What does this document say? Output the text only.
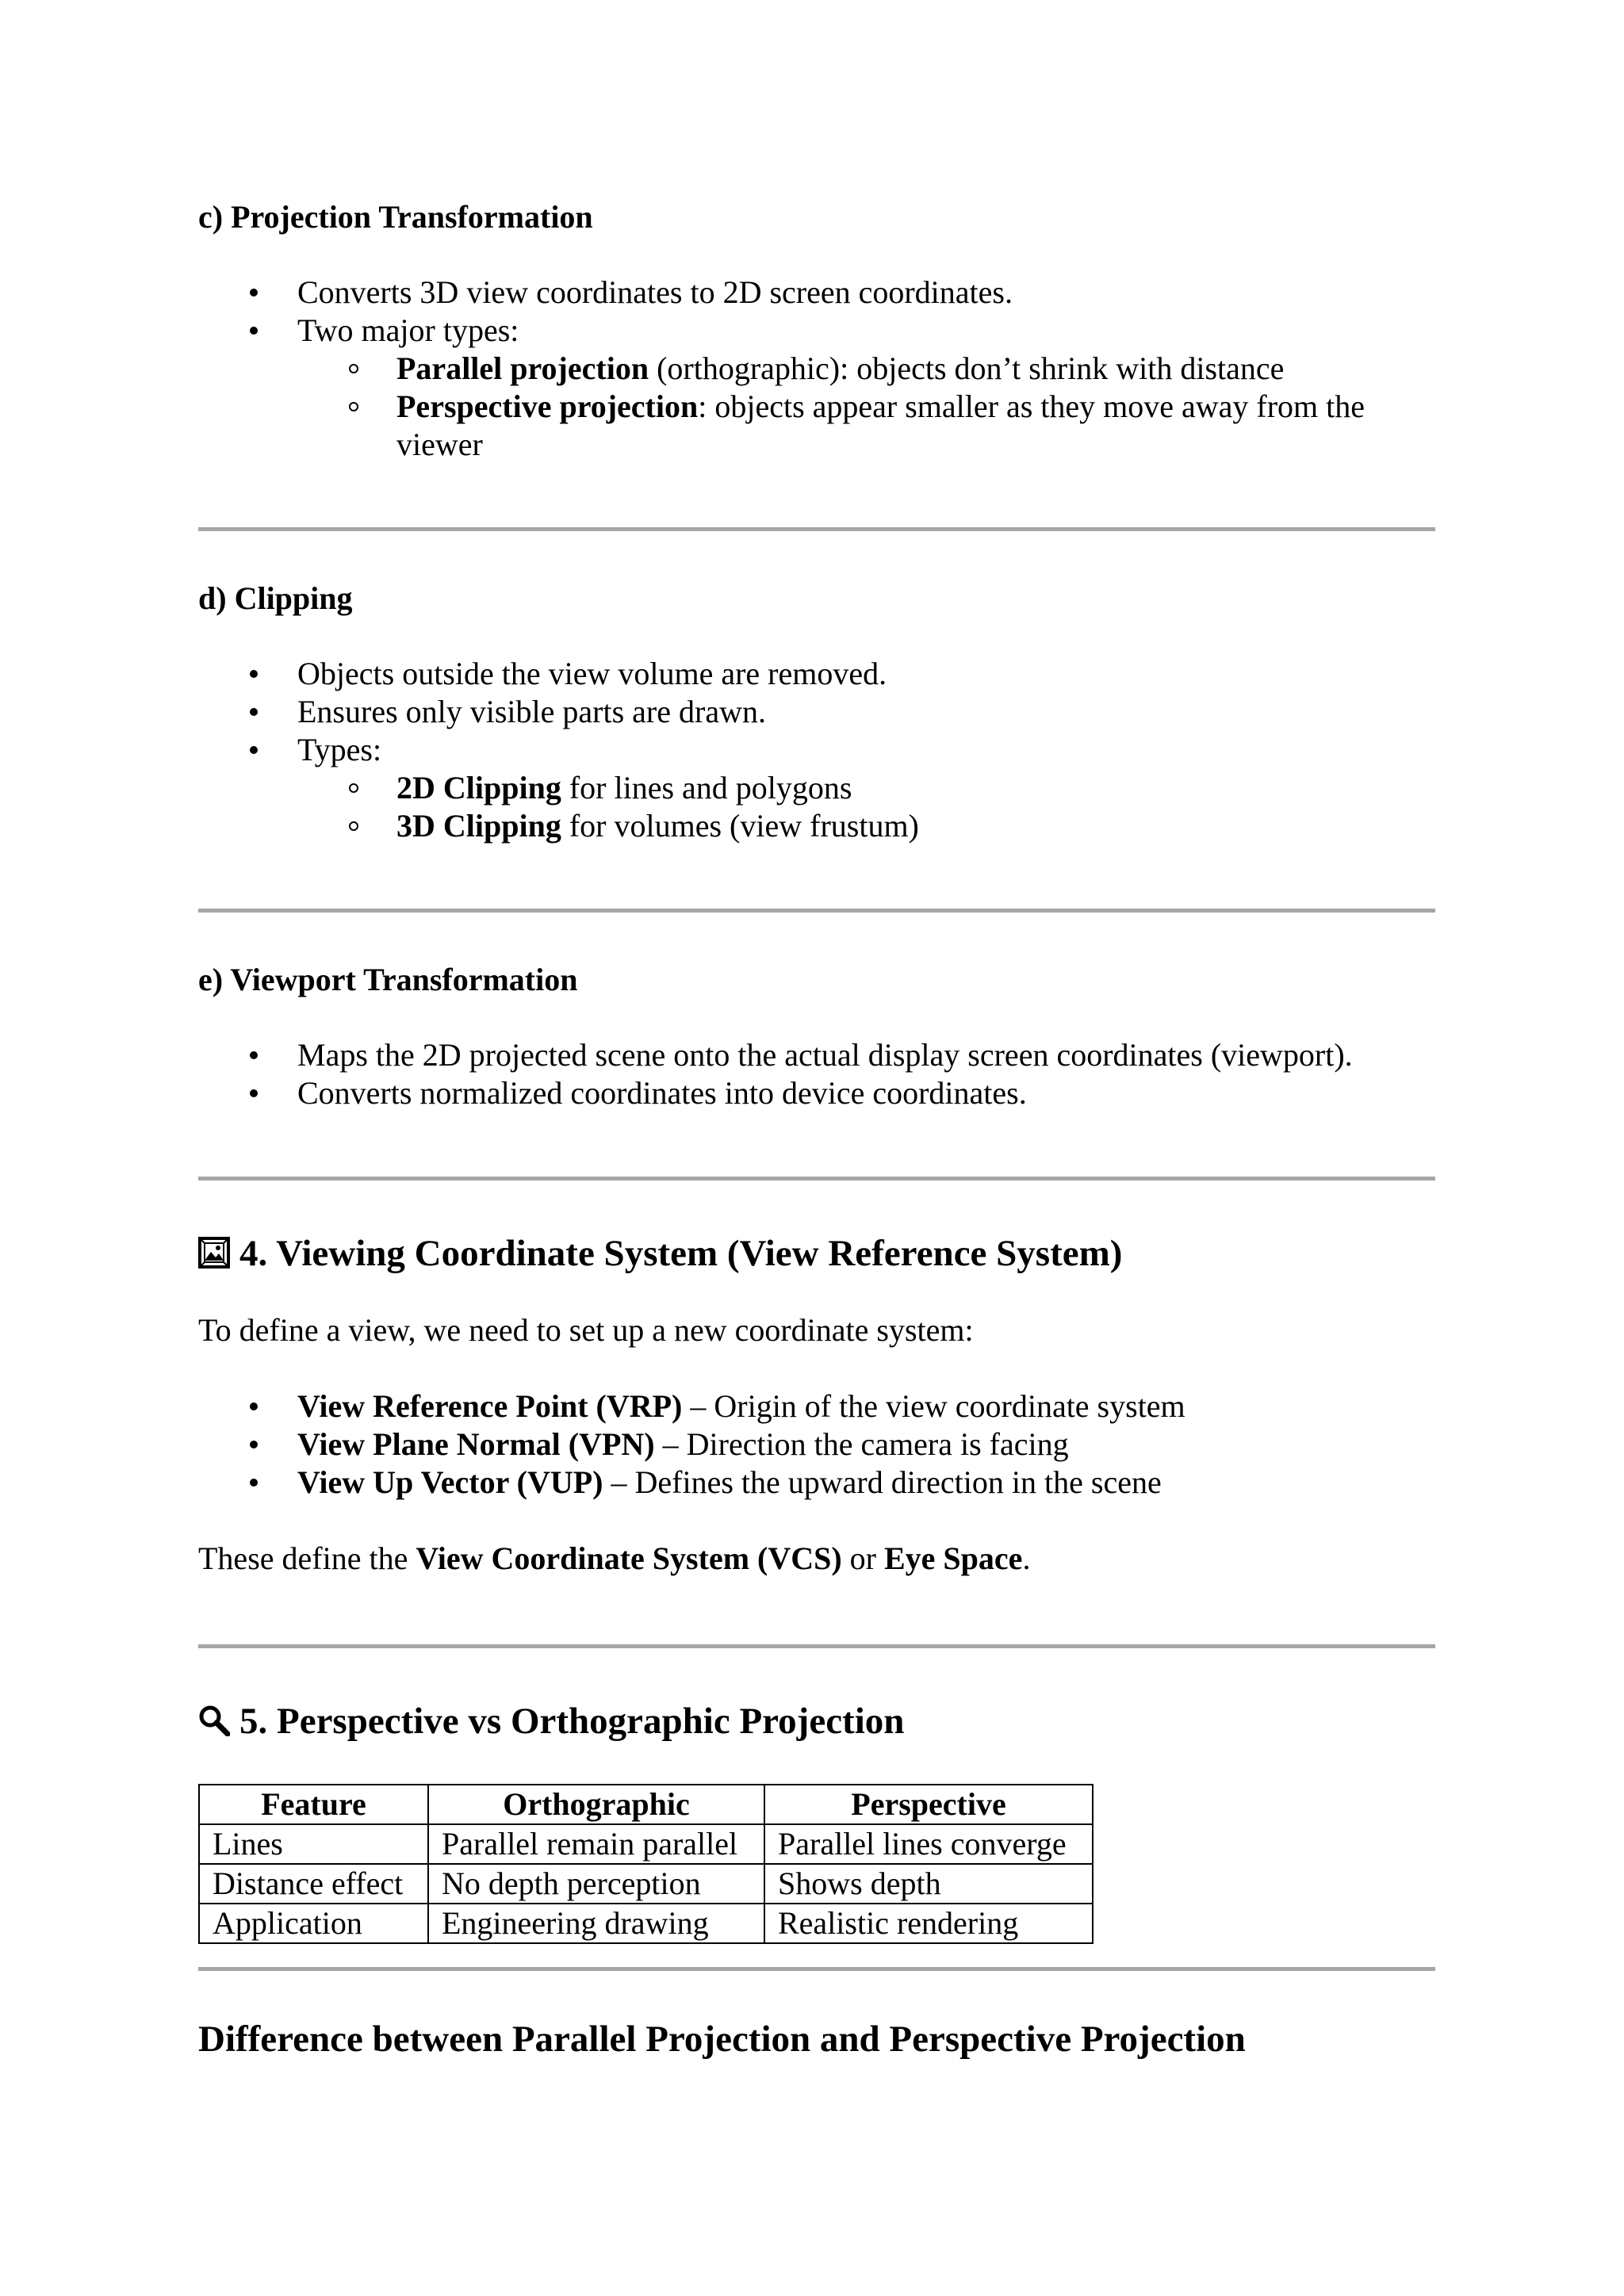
c) Projection Transformation
Converts 3D view coordinates to 2D screen coordinates.
Two major types:
Parallel projection (orthographic): objects don’t shrink with distance
Perspective projection: objects appear smaller as they move away from the viewer
d) Clipping
Objects outside the view volume are removed.
Ensures only visible parts are drawn.
Types:
2D Clipping for lines and polygons
3D Clipping for volumes (view frustum)
e) Viewport Transformation
Maps the 2D projected scene onto the actual display screen coordinates (viewport).
Converts normalized coordinates into device coordinates.
4. Viewing Coordinate System (View Reference System)
To define a view, we need to set up a new coordinate system:
View Reference Point (VRP) – Origin of the view coordinate system
View Plane Normal (VPN) – Direction the camera is facing
View Up Vector (VUP) – Defines the upward direction in the scene
These define the View Coordinate System (VCS) or Eye Space.
5. Perspective vs Orthographic Projection
Feature	Orthographic	Perspective
Lines	Parallel remain parallel	Parallel lines converge
Distance effect	No depth perception	Shows depth
Application	Engineering drawing	Realistic rendering
Difference between Parallel Projection and Perspective Projection
